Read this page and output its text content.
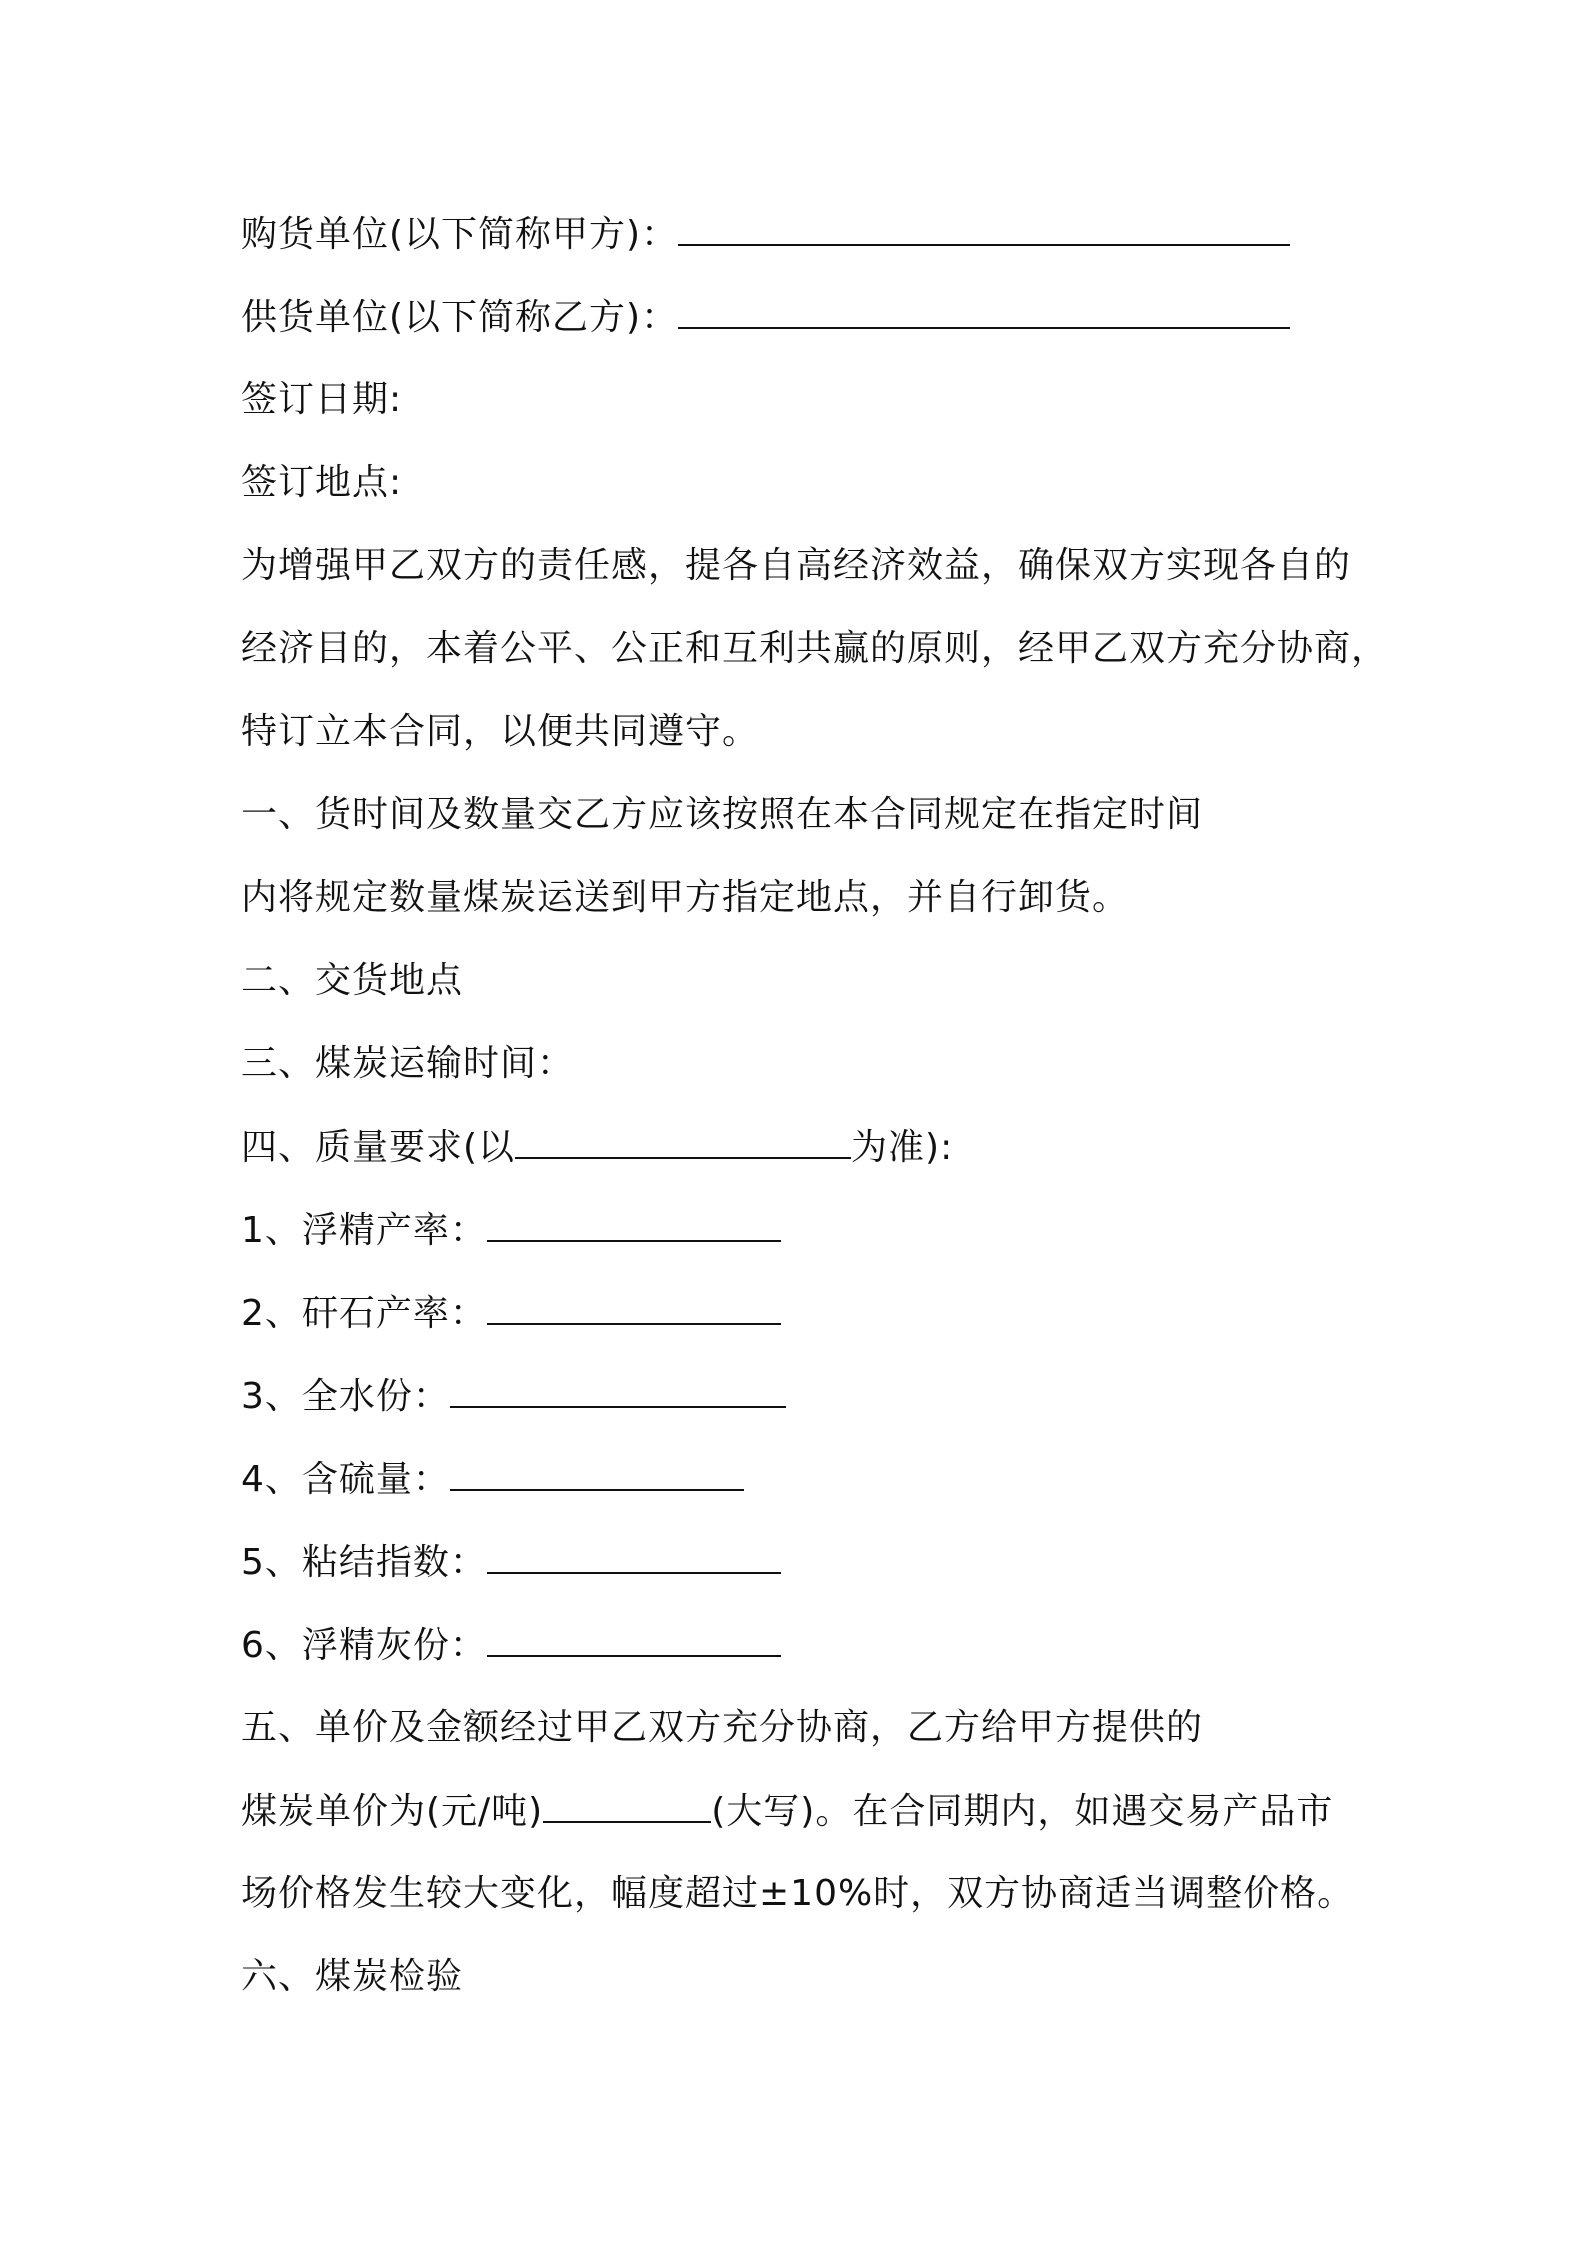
购货单位(以下简称甲方)：
供货单位(以下简称乙方)：
签订日期:
签订地点:
为增强甲乙双方的责任感，提各自高经济效益，确保双方实现各自的
经济目的，本着公平、公正和互利共赢的原则，经甲乙双方充分协商，
特订立本合同，以便共同遵守。
一、货时间及数量交乙方应该按照在本合同规定在指定时间
内将规定数量煤炭运送到甲方指定地点，并自行卸货。
二、交货地点
三、煤炭运输时间：
四、质量要求(以	为准):
1、浮精产率：
2、矸石产率：
3、全水份：
4、含硫量：
5、粘结指数：
6、浮精灰份：
五、单价及金额经过甲乙双方充分协商，乙方给甲方提供的
煤炭单价为(元/吨)	(大写)。在合同期内，如遇交易产品市
场价格发生较大变化，幅度超过±10%时，双方协商适当调整价格。
六、煤炭检验
